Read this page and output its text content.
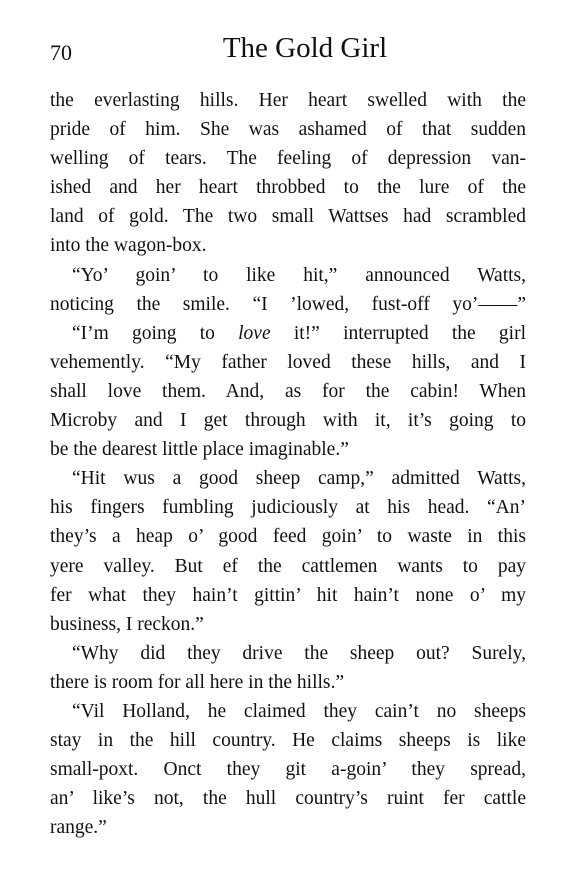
70	The Gold Girl
the everlasting hills. Her heart swelled with the
pride of him. She was ashamed of that sudden
welling of tears. The feeling of depression van-
ished and her heart throbbed to the lure of the
land of gold. The two small Wattses had scrambled
into the wagon-box.
“Yo’ goin’ to like hit,” announced Watts,
noticing the smile. “I ’lowed, fust-off yo’——”
“I’m going to love it!” interrupted the girl
vehemently. “My father loved these hills, and I
shall love them. And, as for the cabin! When
Microby and I get through with it, it’s going to
be the dearest little place imaginable.”
“Hit wus a good sheep camp,” admitted Watts,
his fingers fumbling judiciously at his head. “An’
they’s a heap o’ good feed goin’ to waste in this
yere valley. But ef the cattlemen wants to pay
fer what they hain’t gittin’ hit hain’t none o’ my
business, I reckon.”
“Why did they drive the sheep out? Surely,
there is room for all here in the hills.”
“Vil Holland, he claimed they cain’t no sheeps
stay in the hill country. He claims sheeps is like
small-poxt. Onct they git a-goin’ they spread,
an’ like’s not, the hull country’s ruint fer cattle
range.”
